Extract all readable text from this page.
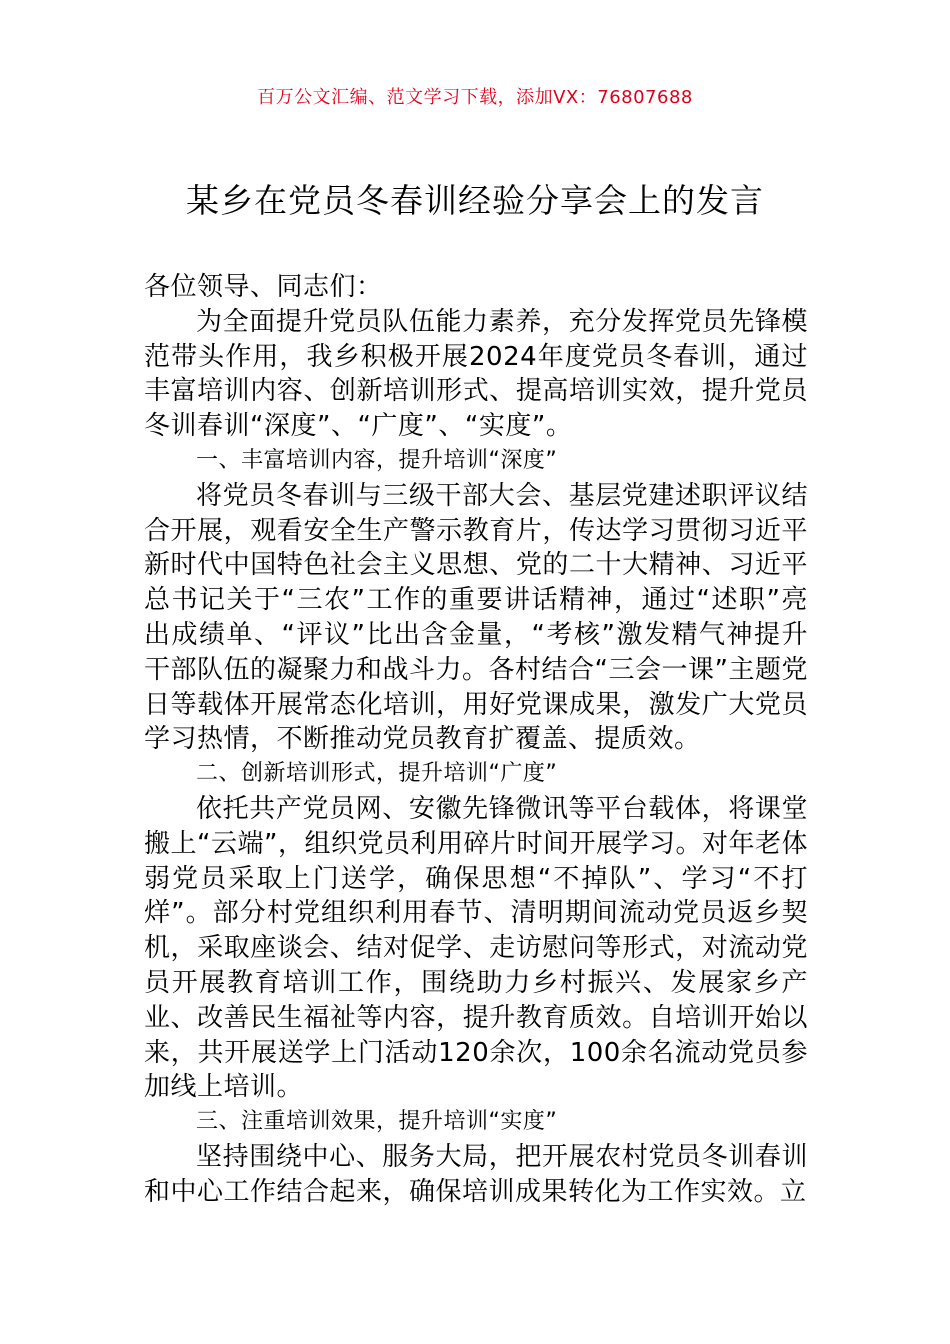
百万公文汇编、范文学习下载，添加VX：76807688
某乡在党员冬春训经验分享会上的发言

各位领导、同志们：

为全面提升党员队伍能力素养，充分发挥党员先锋模范带头作用，我乡积极开展2024年度党员冬春训，通过丰富培训内容、创新培训形式、提高培训实效，提升党员冬训春训“深度”、“广度”、“实度”。

一、丰富培训内容，提升培训“深度”

将党员冬春训与三级干部大会、基层党建述职评议结合开展，观看安全生产警示教育片，传达学习贯彻习近平新时代中国特色社会主义思想、党的二十大精神、习近平总书记关于“三农”工作的重要讲话精神，通过“述职”亮出成绩单、“评议”比出含金量，“考核”激发精气神提升干部队伍的凝聚力和战斗力。各村结合“三会一课”主题党日等载体开展常态化培训，用好党课成果，激发广大党员学习热情，不断推动党员教育扩覆盖、提质效。

二、创新培训形式，提升培训“广度”

依托共产党员网、安徽先锋微讯等平台载体，将课堂搬上“云端”，组织党员利用碎片时间开展学习。对年老体弱党员采取上门送学，确保思想“不掉队”、学习“不打烊”。部分村党组织利用春节、清明期间流动党员返乡契机，采取座谈会、结对促学、走访慰问等形式，对流动党员开展教育培训工作，围绕助力乡村振兴、发展家乡产业、改善民生福祉等内容，提升教育质效。自培训开始以来，共开展送学上门活动120余次，100余名流动党员参加线上培训。

三、注重培训效果，提升培训“实度”

坚持围绕中心、服务大局，把开展农村党员冬训春训和中心工作结合起来，确保培训成果转化为工作实效。立
